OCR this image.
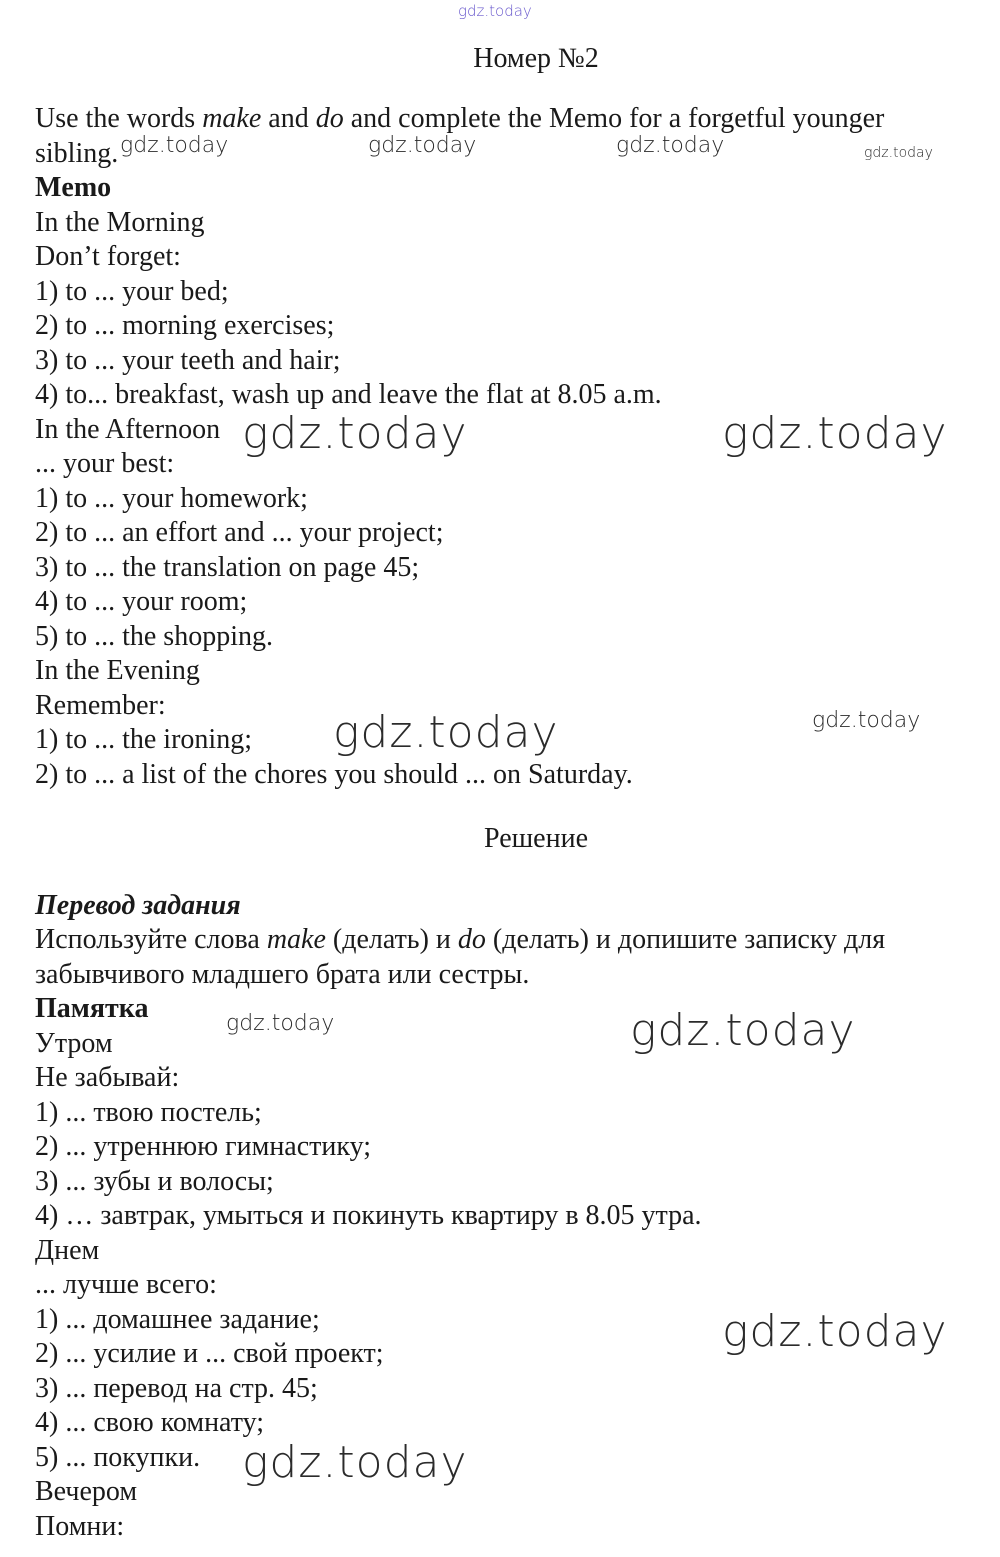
gdz.today
gdz.today	gdz.today	gdz.today	gdz.today
gdz.today	gdz.today
gdz.today
gdz.today
gdz.today	gdz.today
gdz.today
gdz.today
Номер №2
Use the words make and do and complete the Memo for a forgetful younger
sibling.
Memo
In the Morning
Don’t forget:
1) to ... your bed;
2) to ... morning exercises;
3) to ... your teeth and hair;
4) to... breakfast, wash up and leave the flat at 8.05 a.m.
In the Afternoon
... your best:
1) to ... your homework;
2) to ... an effort and ... your project;
3) to ... the translation on page 45;
4) to ... your room;
5) to ... the shopping.
In the Evening
Remember:
1) to ... the ironing;
2) to ... a list of the chores you should ... on Saturday.
Решение
Перевод задания
Используйте слова make (делать) и do (делать) и допишите записку для
забывчивого младшего брата или сестры.
Памятка
Утром
Не забывай:
1) ... твою постель;
2) ... утреннюю гимнастику;
3) ... зубы и волосы;
4) … завтрак, умыться и покинуть квартиру в 8.05 утра.
Днем
... лучше всего:
1) ... домашнее задание;
2) ... усилие и ... свой проект;
3) ... перевод на стр. 45;
4) ... свою комнату;
5) ... покупки.
Вечером
Помни:
